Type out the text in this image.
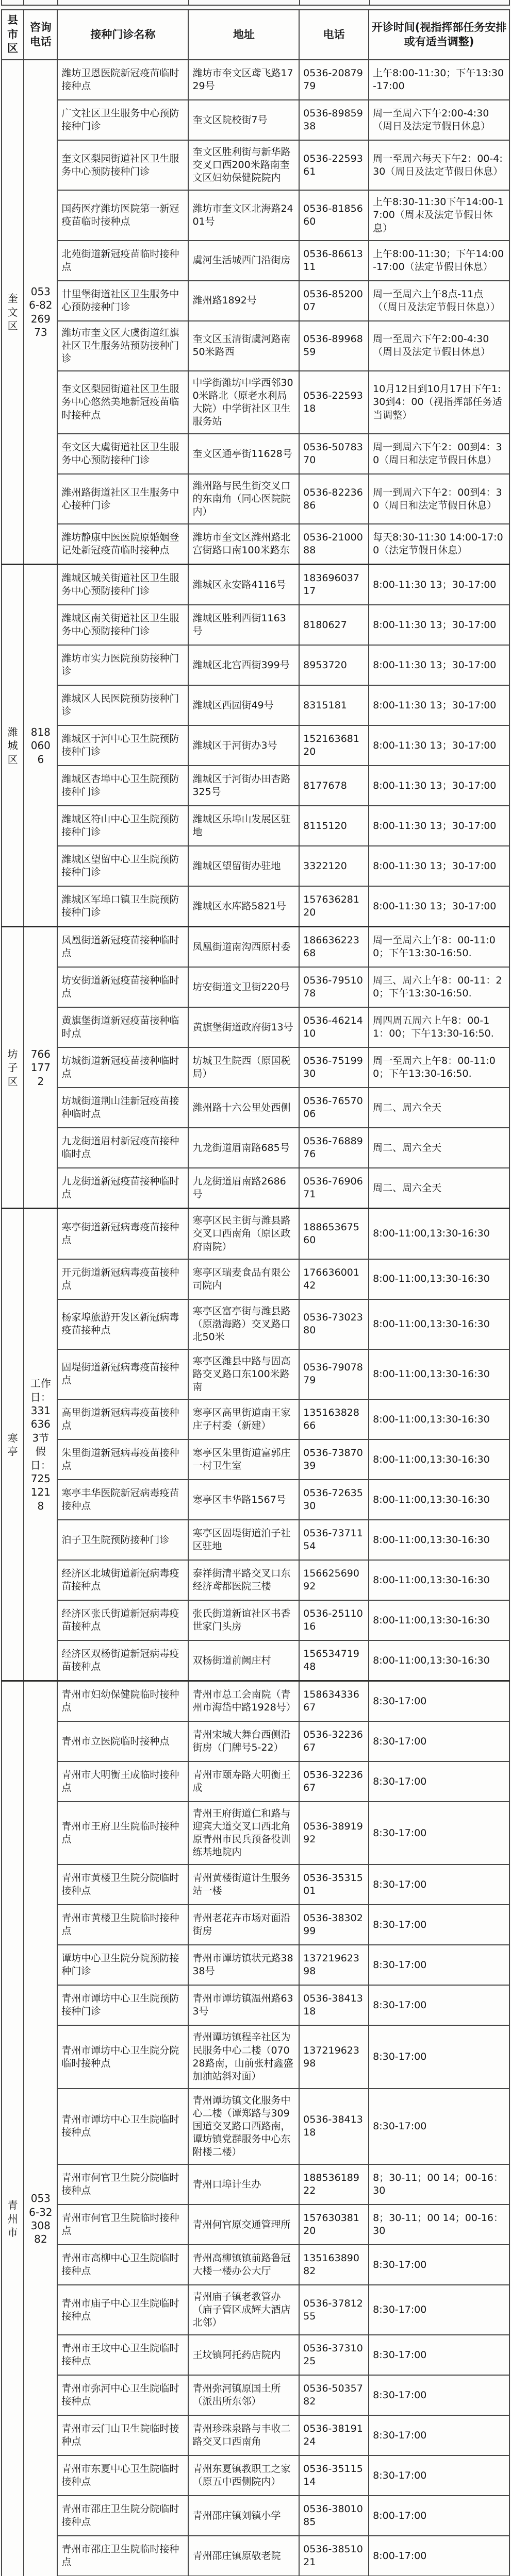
县市区	咨询电话	接种门诊名称	地址	电话	开诊时间(视指挥部任务安排或有适当调整)
奎文区	0536-8226973	潍坊卫恩医院新冠疫苗临时接种点	潍坊市奎文区鸢飞路1729号	0536-2087979	上午8:00-11:30；下午13:30-17:00
		广文社区卫生服务中心预防接种门诊	奎文区院校街7号	0536-8985938	周一至周六下午2:00-4:30（周日及法定节假日休息）
		奎文区梨园街道社区卫生服务中心预防接种门诊	奎文区胜利街与新华路交叉口西200米路南奎文区妇幼保健院院内	0536-2259361	周一至周六每天下午2：00-4:30（周日及法定节假日休息）
		国药医疗潍坊医院第一新冠疫苗临时接种点	潍坊市奎文区北海路2401号	0536-8185660	上午8:30-11:30下午14:00-17:00（周末及法定节假日休息）
		北苑街道新冠疫苗临时接种点	虞河生活城西门沿街房	0536-8661311	上午8:00-11:30；下午14:00-17:00（法定节假日休息）
		廿里堡街道社区卫生服务中心预防接种门诊	潍州路1892号	0536-8520007	周一至周六上午8点-11点（（周日及法定节假日休息））
		潍坊市奎文区大虞街道红旗社区卫生服务站预防接种门诊	奎文区玉清街虞河路南50米路西	0536-8996859	周一至周六下午2:00-4:30（周日及法定节假日休息）
		奎文区梨园街道社区卫生服务中心悠然美地新冠疫苗临时接种点	中学街潍坊中学西邻300米路北（原老水利局大院）中学街社区卫生服务站	0536-2259318	10月12日到10月17日下午1:30到4：00（视指挥部任务适当调整）
		奎文区大虞街道社区卫生服务中心预防接种门诊	奎文区通亭街11628号	0536-5078370	周一到周六下午2：00到4：30（周日和法定节假日休息）
		潍州路街道社区卫生服务中心接种门诊	潍州路与民生街交叉口的东南角（同心医院院内）	0536-8223686	周一到周六下午2：00到4：30（周日和法定节假日休息）
		潍坊静康中医医院原婚姻登记处新冠疫苗临时接种点	潍坊市奎文区潍州路北宫街路口南100米路东	0536-2100088	每天8:30-11:30 14:00-17:00（法定节假日休息）
潍城区	8180606	潍城区城关街道社区卫生服务中心预防接种门诊	潍城区永安路4116号	18369603717	8:00-11:30 13；30-17:00
		潍城区南关街道社区卫生服务中心预防接种门诊	潍城区胜利西街1163号	8180627	8:00-11:30 13；30-17:00
		潍坊市实力医院预防接种门诊	潍城区北宫西街399号	8953720	8:00-11:30 13；30-17:00
		潍城区人民医院预防接种门诊	潍城区西园街49号	8315181	8:00-11:30 13；30-17:00
		潍城区于河中心卫生院预防接种门诊	潍城区于河街办3号	15216368120	8:00-11:30 13；30-17:00
		潍城区杏埠中心卫生院预防接种门诊	潍城区于河街办田杏路325号	8177678	8:00-11:30 13；30-17:00
		潍城区符山中心卫生院预防接种门诊	潍城区乐埠山发展区驻地	8115120	8:00-11:30 13；30-17:00
		潍城区望留中心卫生院预防接种门诊	潍城区望留街办驻地	3322120	8:00-11:30 13；30-17:00
		潍城区军埠口镇卫生院预防接种门诊	潍城区水库路5821号	15763628120	8:00-11:30 13；30-17:00
坊子区	7661772	凤凰街道新冠疫苗接种临时点	凤凰街道南沟西原村委	18663622368	周一至周六上午8：00-11:00；下午13:30-16:50.
		坊安街道新冠疫苗接种临时点	坊安街道文卫街220号	0536-7951078	周三、周六上午8：00-11：20；下午13:30-16:50.
		黄旗堡街道新冠疫苗接种临时点	黄旗堡街道政府街13号	0536-4621410	周四周五周六上午8：00-11：00；下午13:30-16:50.
		坊城街道新冠疫苗接种临时点	坊城卫生院西（原国税局）	0536-7519930	周一至周六上午8：00-11:00；下午13:30-16:50.
		坊城街道荆山洼新冠疫苗接种临时点	潍州路十六公里处西侧	0536-7657006	周二、周六全天
		九龙街道眉村新冠疫苗接种临时点	九龙街道眉南路685号	0536-7688976	周二、周六全天
		九龙街道新冠疫苗接种临时点	九龙街道眉南路2686号	0536-7690671	周二、周六全天
寒亭	工作日：3316363节假日：7251218	寒亭街道新冠病毒疫苗接种点	寒亭区民主街与潍县路交叉口西南角（原区政府南院）	18865367560	8:00-11:00,13:30-16:30
		开元街道新冠病毒疫苗接种点	寒亭区瑞麦食品有限公司院内	17663600142	8:00-11:00,13:30-16:30
		杨家埠旅游开发区新冠病毒疫苗接种点	寒亭区富亭街与潍县路（原渤海路）交叉路口北50米	0536-7302380	8:00-11:00,13:30-16:30
		固堤街道新冠病毒疫苗接种点	寒亭区潍县中路与固高路交叉路口东100米路南	0536-7907879	8:00-11:00,13:30-16:30
		高里街道新冠病毒疫苗接种点	寒亭区高里街道南王家庄子村委（新建）	13516382866	8:00-11:00,13:30-16:30
		朱里街道新冠病毒疫苗接种点	寒亭区朱里街道富郭庄一村卫生室	0536-7387039	8:00-11:00,13:30-16:30
		寒亭丰华医院新冠病毒疫苗接种点	寒亭区丰华路1567号	0536-7263530	8:00-11:00,13:30-16:30
		泊子卫生院预防接种门诊	寒亭区固堤街道泊子社区驻地	0536-7371154	8:00-11:00,13:30-16:30
		经济区北城街道新冠病毒疫苗接种点	泰祥街清平路交叉口东经济鸢都医院三楼	15662569092	8:00-11:00,13:30-16:30
		经济区张氏街道新冠病毒疫苗接种点	张氏街道新谊社区书香世家门头房	0536-2511016	8:00-11:00,13:30-16:30
		经济区双杨街道新冠病毒疫苗接种点	双杨街道前阙庄村	15653471948	8:00-11:00,13:30-16:30
青州市	0536-3230882	青州市妇幼保健院临时接种点	青州市总工会南院（青州市海岱中路1928号）	15863433667	8:30-17:00
		青州市立医院临时接种点	青州宋城大舞台西侧沿街房（门牌号5-22）	0536-3223667	8:30-17:00
		青州市大明衡王成临时接种点	青州市颐寿路大明衡王成	0536-3223667	8:30-17:00
		青州市王府卫生院临时接种点	青州王府街道仁和路与迎宾大道交叉口西北角原青州市民兵预备役训练基地院内	0536-3891992	8:30-17:00
		青州市黄楼卫生院分院临时接种点	青州黄楼街道计生服务站一楼	0536-3531501	8:30-17:00
		青州市黄楼卫生院临时接种点	青州老花卉市场对面沿街房	0536-3830299	8:30-17:00
		谭坊中心卫生院分院预防接种门诊	青州市谭坊镇状元路3838号	13721962398	8:30-17:00
		青州市谭坊中心卫生院预防接种门诊	青州市谭坊镇温州路633号	0536-3841318	8:30-17:00
		青州市谭坊中心卫生院分院临时接种点	青州谭坊镇程辛社区为民服务中心二楼（07028路南，山前张村鑫盛加油站斜对面）	13721962398	8:30-17:00
		青州市谭坊中心卫生院临时接种点	青州谭坊镇文化服务中心二楼（谭郑路与309国道交叉路口西路南，谭坊镇党群服务中心东附楼二楼）	0536-3841318	8:30-17:00
		青州市何官卫生院分院临时接种点	青州口埠计生办	18853618922	8；30-11；00 14；00-16：30
		青州市何官卫生院临时接种点	青州何官原交通管理所	15763038120	8；30-11；00 14；00-16：30
		青州市高柳中心卫生院临时接种点	青州高柳镇镇前路鲁冠大楼一楼办公大厅	13516389082	8:30-17:00
		青州市庙子中心卫生院临时接种点	青州庙子镇老教管办（庙子管区成辉大酒店北邻）	0536-3781255	8:30-17:00
		青州市王坟中心卫生院临时接种点	王坟镇阿托药店院内	0536-3731025	8:30-17:00
		青州市弥河中心卫生院临时接种点	青州弥河镇原国土所（派出所东邻）	0536-5035782	8:30-17:00
		青州市云门山卫生院临时接种点	青州珍珠泉路与丰收二路交叉口西南角	0536-3819124	8:30-17:00
		青州市东夏中心卫生院临时接种点	青州东夏镇教职工之家（原五中西侧院内）	0536-3511514	8:30-17:00
		青州市邵庄卫生院分院临时接种点	青州邵庄镇刘镇小学	0536-3801085	8:00-17:00
		青州市邵庄卫生院临时接种点	青州邵庄镇原敬老院	0536-3851021	8:00-17:00
